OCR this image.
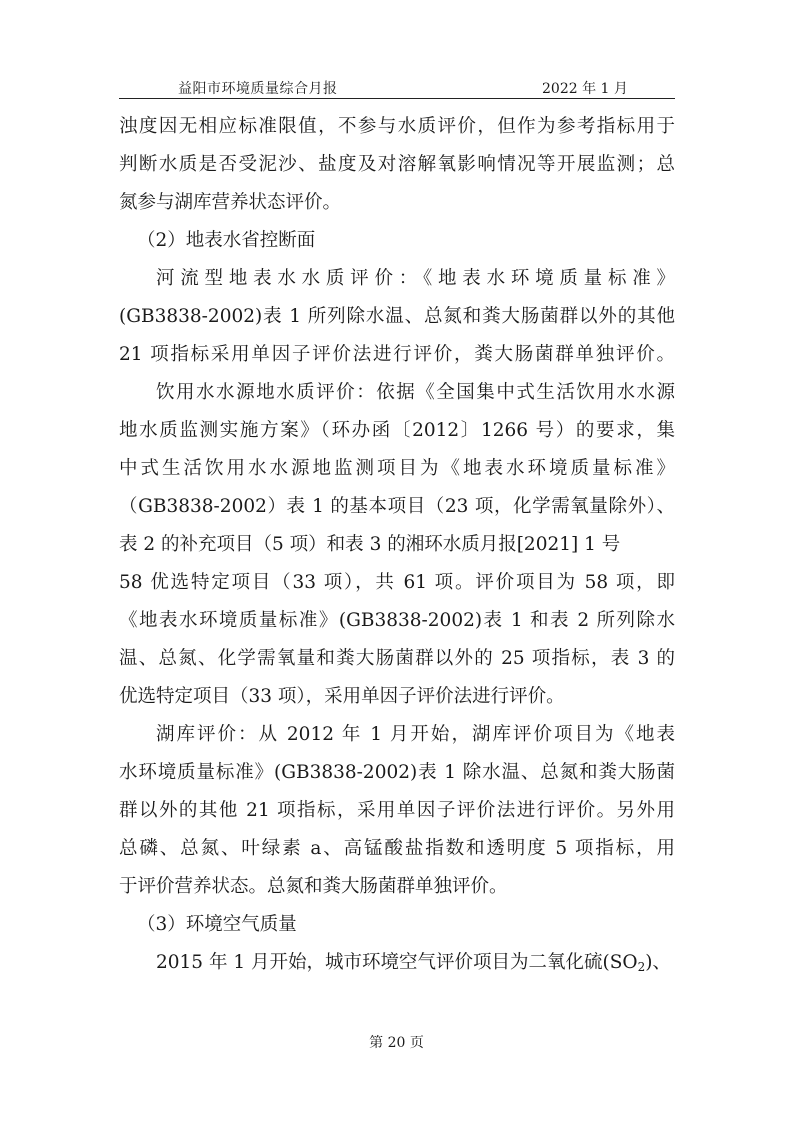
益阳市环境质量综合月报	2022 年 1 月
浊度因无相应标准限值，不参与水质评价，但作为参考指标用于
判断水质是否受泥沙、盐度及对溶解氧影响情况等开展监测；总
氮参与湖库营养状态评价。
（2）地表水省控断面
河流型地表水水质评价：《地表水环境质量标准》
(GB3838-2002)表 1 所列除水温、总氮和粪大肠菌群以外的其他
21 项指标采用单因子评价法进行评价，粪大肠菌群单独评价。
饮用水水源地水质评价：依据《全国集中式生活饮用水水源
地水质监测实施方案》（环办函〔2012〕1266 号）的要求，集
中式生活饮用水水源地监测项目为《地表水环境质量标准》
（GB3838-2002）表 1 的基本项目（23 项，化学需氧量除外）、
表 2 的补充项目（5 项）和表 3 的湘环水质月报[2021] 1 号
58 优选特定项目（33 项），共 61 项。评价项目为 58 项，即
《地表水环境质量标准》(GB3838-2002)表 1 和表 2 所列除水
温、总氮、化学需氧量和粪大肠菌群以外的 25 项指标，表 3 的
优选特定项目（33 项），采用单因子评价法进行评价。
湖库评价：从 2012 年 1 月开始，湖库评价项目为《地表
水环境质量标准》(GB3838-2002)表 1 除水温、总氮和粪大肠菌
群以外的其他 21 项指标，采用单因子评价法进行评价。另外用
总磷、总氮、叶绿素 a、高锰酸盐指数和透明度 5 项指标，用
于评价营养状态。总氮和粪大肠菌群单独评价。
（3）环境空气质量
2015 年 1 月开始，城市环境空气评价项目为二氧化硫$(SO_2)$、
第 20 页
